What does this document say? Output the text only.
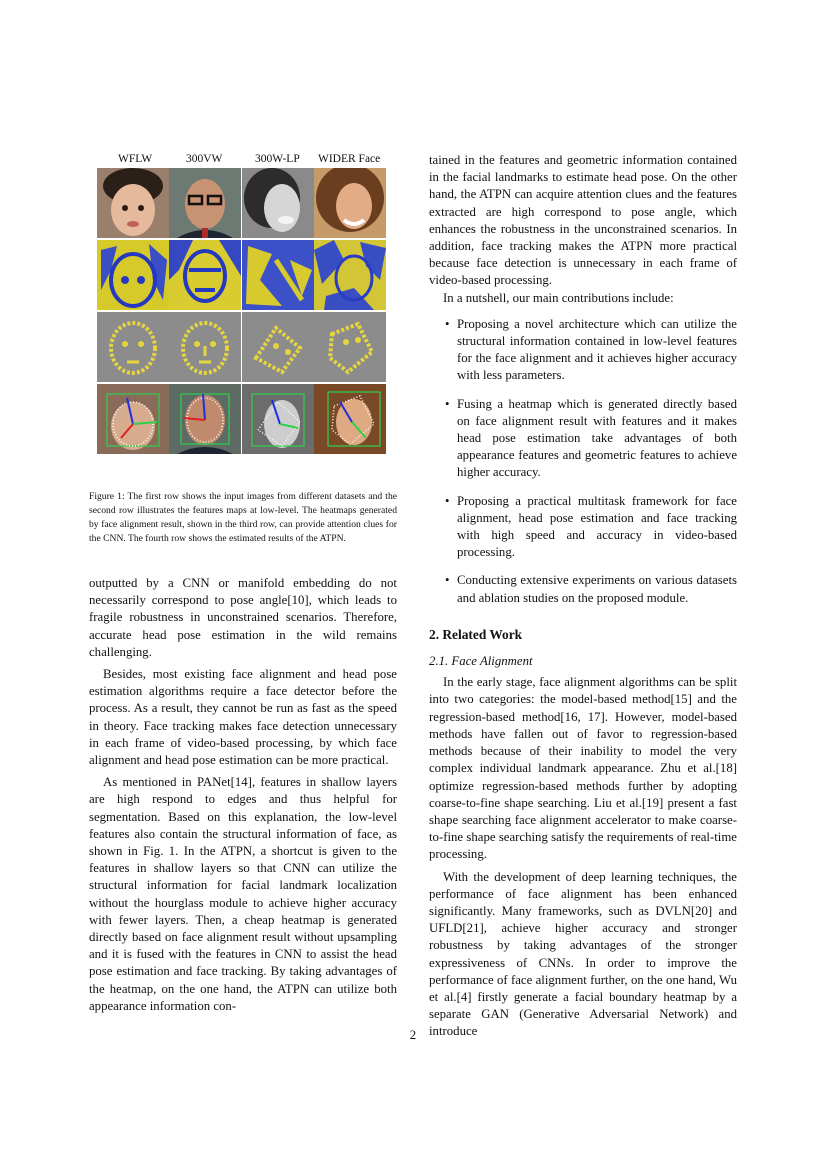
WFLW	300VW	300W-LP WIDER Face

Figure 1: The first row shows the input images from different datasets and the second row illustrates the features maps at low-level. The heatmaps generated by face alignment result, shown in the third row, can provide attention clues for the CNN. The fourth row shows the estimated results of the ATPN.

outputted by a CNN or manifold embedding do not necessarily correspond to pose angle[10], which leads to fragile robustness in unconstrained scenarios. Therefore, accurate head pose estimation in the wild remains challenging.

Besides, most existing face alignment and head pose estimation algorithms require a face detector before the process. As a result, they cannot be run as fast as the speed in theory. Face tracking makes face detection unnecessary in each frame of video-based processing, by which face alignment and head pose estimation can be more practical.

As mentioned in PANet[14], features in shallow layers are high respond to edges and thus helpful for segmentation. Based on this explanation, the low-level features also contain the structural information of face, as shown in Fig. 1. In the ATPN, a shortcut is given to the features in shallow layers so that CNN can utilize the structural information for facial landmark localization without the hourglass module to achieve higher accuracy with fewer layers. Then, a cheap heatmap is generated directly based on face alignment result without upsampling and it is fused with the features in CNN to assist the head pose estimation and face tracking. By taking advantages of the heatmap, on the one hand, the ATPN can utilize both appearance information con-

tained in the features and geometric information contained in the facial landmarks to estimate head pose. On the other hand, the ATPN can acquire attention clues and the features extracted are high correspond to pose angle, which enhances the robustness in the unconstrained scenarios. In addition, face tracking makes the ATPN more practical because face detection is unnecessary in each frame of video-based processing.

In a nutshell, our main contributions include:

• Proposing a novel architecture which can utilize the structural information contained in low-level features for the face alignment and it achieves higher accuracy with less parameters.
• Fusing a heatmap which is generated directly based on face alignment result with features and it makes head pose estimation take advantages of both appearance features and geometric features to achieve higher accuracy.
• Proposing a practical multitask framework for face alignment, head pose estimation and face tracking with high speed and accuracy in video-based processing.
• Conducting extensive experiments on various datasets and ablation studies on the proposed module.
2. Related Work
2.1. Face Alignment

In the early stage, face alignment algorithms can be split into two categories: the model-based method[15] and the regression-based method[16, 17]. However, model-based methods have fallen out of favor to regression-based methods because of their inability to model the very complex individual landmark appearance. Zhu et al.[18] optimize regression-based methods further by adopting coarse-to-fine shape searching. Liu et al.[19] present a fast shape searching face alignment accelerator to make coarse-to-fine shape searching satisfy the requirements of real-time processing.

With the development of deep learning techniques, the performance of face alignment has been enhanced significantly. Many frameworks, such as DVLN[20] and UFLD[21], achieve higher accuracy and stronger robustness by taking advantages of the stronger expressiveness of CNNs. In order to improve the performance of face alignment further, on the one hand, Wu et al.[4] firstly generate a facial boundary heatmap by a separate GAN (Generative Adversarial Network) and introduce

2
